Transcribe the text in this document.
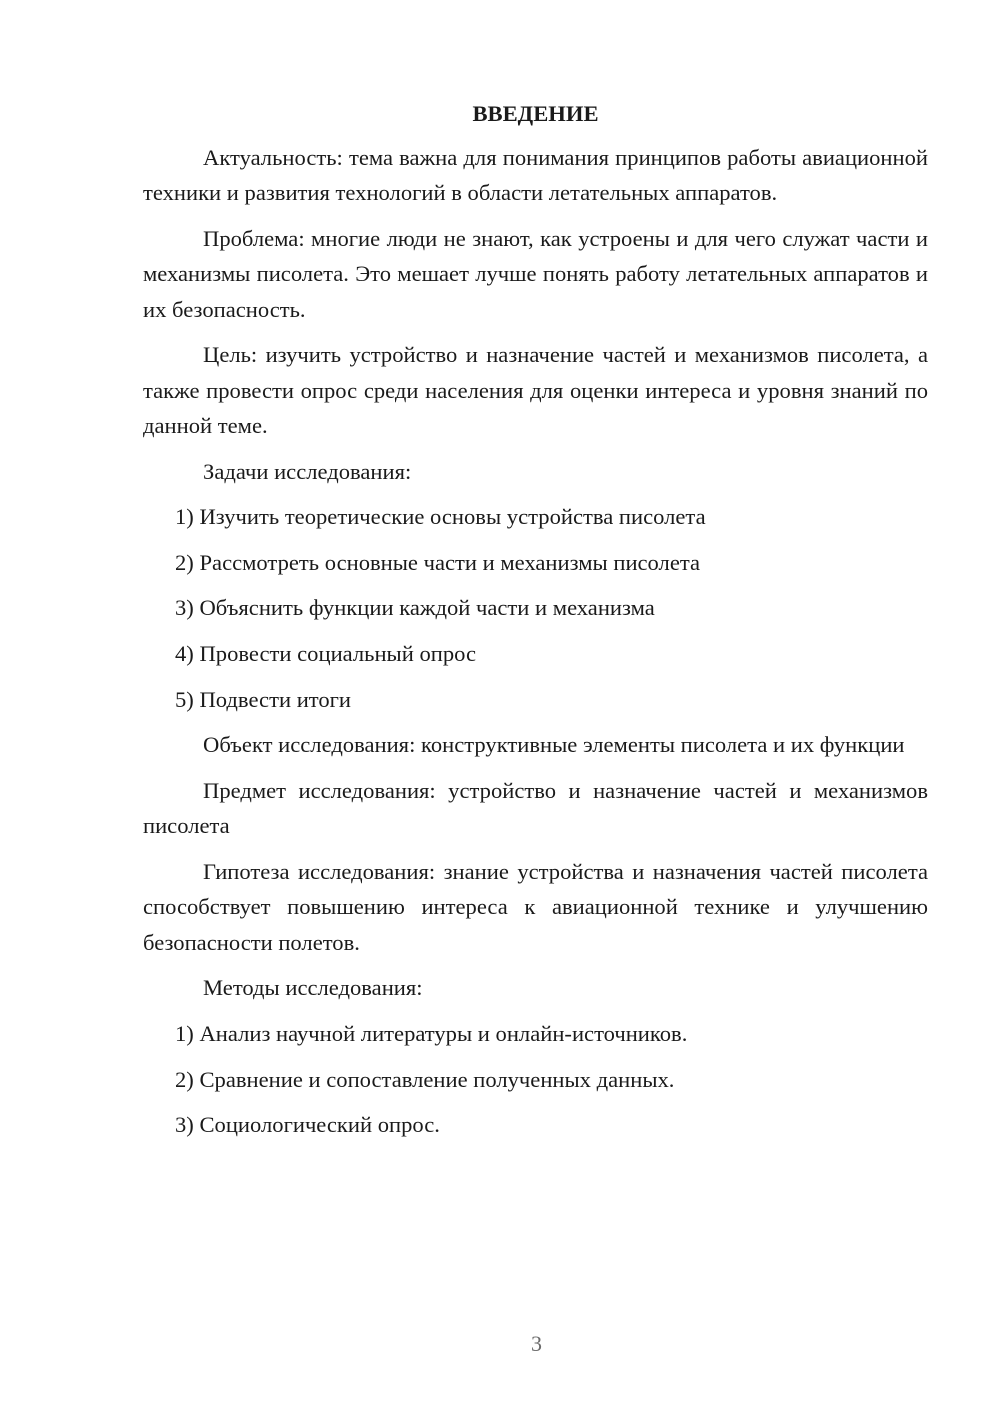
ВВЕДЕНИЕ

Актуальность: тема важна для понимания принципов работы авиационной техники и развития технологий в области летательных аппаратов.

Проблема: многие люди не знают, как устроены и для чего служат части и механизмы писолета. Это мешает лучше понять работу летательных аппаратов и их безопасность.

Цель: изучить устройство и назначение частей и механизмов писолета, а также провести опрос среди населения для оценки интереса и уровня знаний по данной теме.

Задачи исследования:

1) Изучить теоретические основы устройства писолета
2) Рассмотреть основные части и механизмы писолета
3) Объяснить функции каждой части и механизма
4) Провести социальный опрос
5) Подвести итоги

Объект исследования: конструктивные элементы писолета и их функции

Предмет исследования: устройство и назначение частей и механизмов писолета

Гипотеза исследования: знание устройства и назначения частей писолета способствует повышению интереса к авиационной технике и улучшению безопасности полетов.

Методы исследования:

1) Анализ научной литературы и онлайн-источников.
2) Сравнение и сопоставление полученных данных.
3) Социологический опрос.
3
